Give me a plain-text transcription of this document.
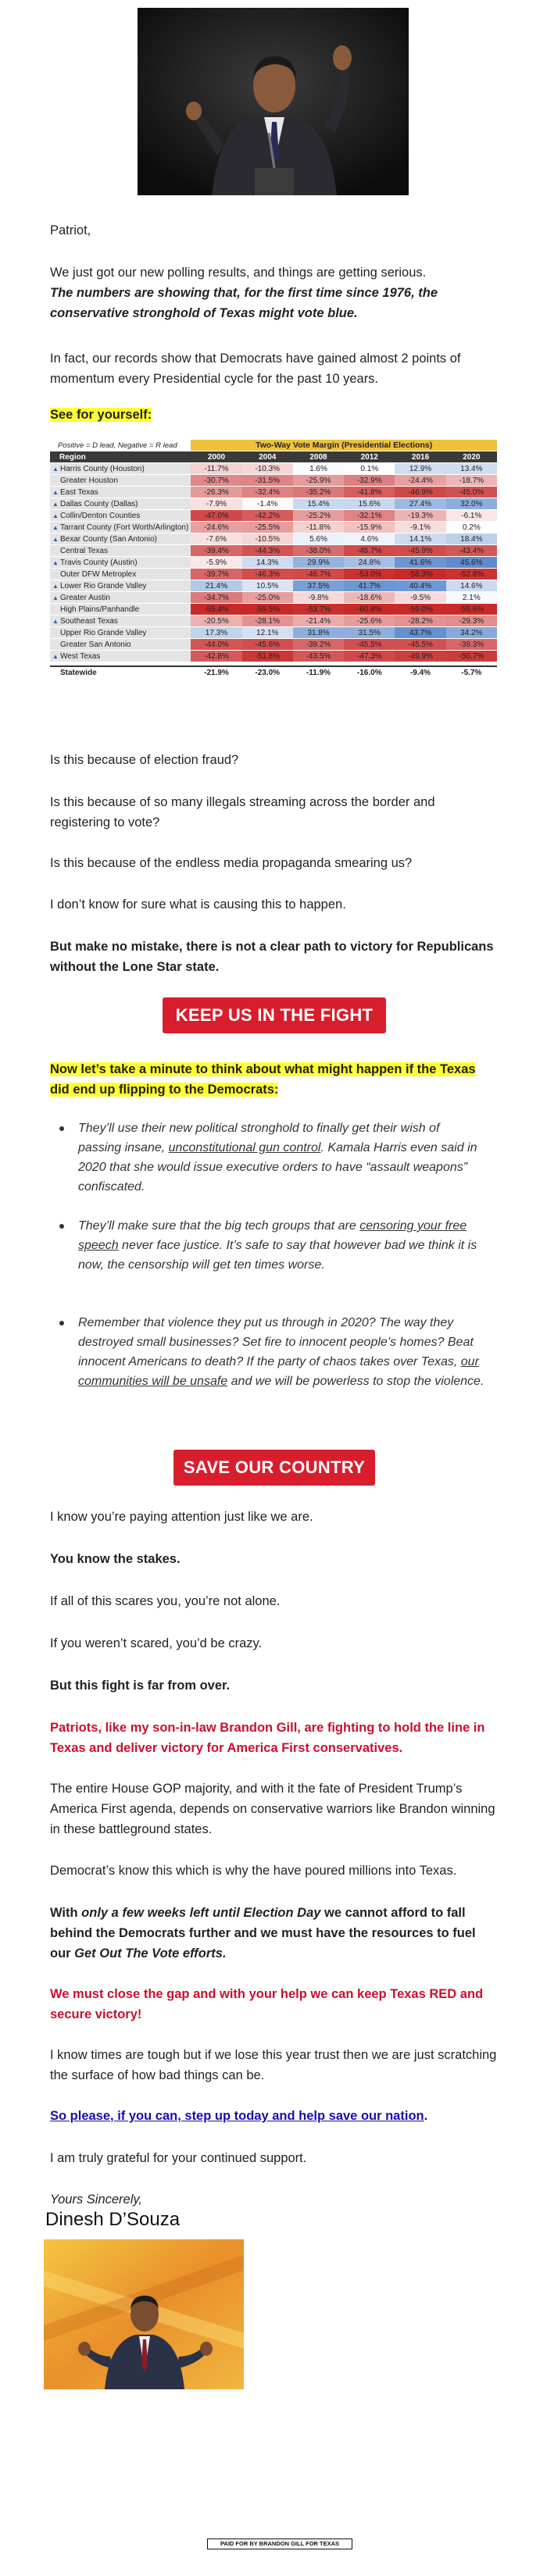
Patriot,

We just got our new polling results, and things are getting serious.
The numbers are showing that, for the first time since 1976, the conservative stronghold of Texas might vote blue.

In fact, our records show that Democrats have gained almost 2 points of momentum every Presidential cycle for the past 10 years.

See for yourself:

Positive = D lead, Negative = R lead	Two-Way Vote Margin (Presidential Elections)					
Region	2000	2004	2008	2012	2016	2020
▲ Harris County (Houston)	-11.7%	-10.3%	1.6%	0.1%	12.9%	13.4%
Greater Houston	-30.7%	-31.5%	-25.9%	-32.9%	-24.4%	-18.7%
▲ East Texas	-26.3%	-32.4%	-35.2%	-41.8%	-46.9%	-45.0%
▲ Dallas County (Dallas)	-7.9%	-1.4%	15.4%	15.6%	27.4%	32.0%
▲ Collin/Denton Counties	-47.0%	-42.2%	-25.2%	-32.1%	-19.3%	-6.1%
▲ Tarrant County (Fort Worth/Arlington)	-24.6%	-25.5%	-11.8%	-15.9%	-9.1%	0.2%
▲ Bexar County (San Antonio)	-7.6%	-10.5%	5.6%	4.6%	14.1%	18.4%
Central Texas	-39.4%	-44.3%	-38.0%	-46.7%	-45.9%	-43.4%
▲ Travis County (Austin)	-5.9%	14.3%	29.9%	24.8%	41.6%	45.6%
Outer DFW Metroplex	-39.7%	-46.3%	-46.7%	-53.0%	-58.3%	-52.8%
▲ Lower Rio Grande Valley	21.4%	10.5%	37.5%	41.7%	40.4%	14.6%
▲ Greater Austin	-34.7%	-25.0%	-9.8%	-18.6%	-9.5%	2.1%
High Plains/Panhandle	-55.4%	-59.5%	-53.7%	-60.8%	-59.0%	-55.6%
▲ Southeast Texas	-20.5%	-28.1%	-21.4%	-25.6%	-28.2%	-29.3%
Upper Rio Grande Valley	17.3%	12.1%	31.8%	31.5%	43.7%	34.2%
Greater San Antonio	-44.0%	-45.6%	-39.2%	-45.5%	-45.5%	-39.3%
▲ West Texas	-42.8%	-51.8%	-43.5%	-47.3%	-49.9%	-50.7%

Statewide	-21.9%	-23.0%	-11.9%	-16.0%	-9.4%	-5.7%

Is this because of election fraud?

Is this because of so many illegals streaming across the border and registering to vote?

Is this because of the endless media propaganda smearing us?

I don’t know for sure what is causing this to happen.

But make no mistake, there is not a clear path to victory for Republicans without the Lone Star state.

KEEP US IN THE FIGHT

Now let’s take a minute to think about what might happen if the Texas did end up flipping to the Democrats:

They’ll use their new political stronghold to finally get their wish of passing insane, unconstitutional gun control. Kamala Harris even said in 2020 that she would issue executive orders to have “assault weapons” confiscated.
They’ll make sure that the big tech groups that are censoring your free speech never face justice. It’s safe to say that however bad we think it is now, the censorship will get ten times worse.
Remember that violence they put us through in 2020? The way they destroyed small businesses? Set fire to innocent people’s homes? Beat innocent Americans to death? If the party of chaos takes over Texas, our communities will be unsafe and we will be powerless to stop the violence.
SAVE OUR COUNTRY

I know you’re paying attention just like we are.

You know the stakes.

If all of this scares you, you’re not alone.

If you weren’t scared, you’d be crazy.

But this fight is far from over.

Patriots, like my son-in-law Brandon Gill, are fighting to hold the line in Texas and deliver victory for America First conservatives.

The entire House GOP majority, and with it the fate of President Trump’s America First agenda, depends on conservative warriors like Brandon winning in these battleground states.

Democrat’s know this which is why the have poured millions into Texas.

With only a few weeks left until Election Day we cannot afford to fall behind the Democrats further and we must have the resources to fuel our Get Out The Vote efforts.

We must close the gap and with your help we can keep Texas RED and secure victory!

I know times are tough but if we lose this year trust then we are just scratching the surface of how bad things can be.

So please, if you can, step up today and help save our nation.

I am truly grateful for your continued support.

Yours Sincerely,

Dinesh D’Souza

PAID FOR BY BRANDON GILL FOR TEXAS
